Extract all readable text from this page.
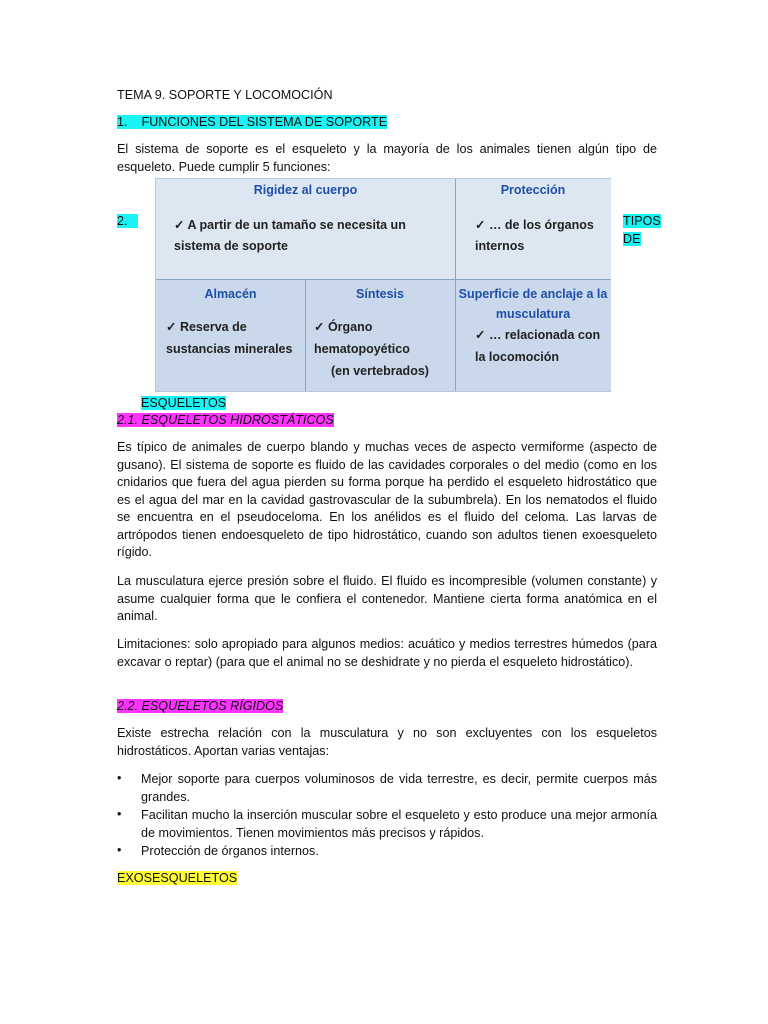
TEMA 9. SOPORTE Y LOCOMOCIÓN
1. FUNCIONES DEL SISTEMA DE SOPORTE
El sistema de soporte es el esqueleto y la mayoría de los animales tienen algún tipo de esqueleto. Puede cumplir 5 funciones:
2.	TIPOS
DE
Rigidez al cuerpo
✓ A partir de un tamaño se necesita un
sistema de soporte
Protección
✓ … de los órganos
internos
Almacén
✓ Reserva de
sustancias minerales
Síntesis
✓ Órgano
hematopoyético
(en vertebrados)
Superficie de anclaje a la
musculatura
✓ … relacionada con
la locomoción
ESQUELETOS
2.1. ESQUELETOS HIDROSTÁTICOS
Es típico de animales de cuerpo blando y muchas veces de aspecto vermiforme (aspecto de gusano). El sistema de soporte es fluido de las cavidades corporales o del medio (como en los cnidarios que fuera del agua pierden su forma porque ha perdido el esqueleto hidrostático que es el agua del mar en la cavidad gastrovascular de la subumbrela). En los nematodos el fluido se encuentra en el pseudoceloma. En los anélidos es el fluido del celoma. Las larvas de artrópodos tienen endoesqueleto de tipo hidrostático, cuando son adultos tienen exoesqueleto rígido.
La musculatura ejerce presión sobre el fluido. El fluido es incompresible (volumen constante) y asume cualquier forma que le confiera el contenedor. Mantiene cierta forma anatómica en el animal.
Limitaciones: solo apropiado para algunos medios: acuático y medios terrestres húmedos (para excavar o reptar) (para que el animal no se deshidrate y no pierda el esqueleto hidrostático).
2.2. ESQUELETOS RÍGIDOS
Existe estrecha relación con la musculatura y no son excluyentes con los esqueletos hidrostáticos. Aportan varias ventajas:
• Mejor soporte para cuerpos voluminosos de vida terrestre, es decir, permite cuerpos más grandes.
• Facilitan mucho la inserción muscular sobre el esqueleto y esto produce una mejor armonía de movimientos. Tienen movimientos más precisos y rápidos.
• Protección de órganos internos.
EXOSESQUELETOS
